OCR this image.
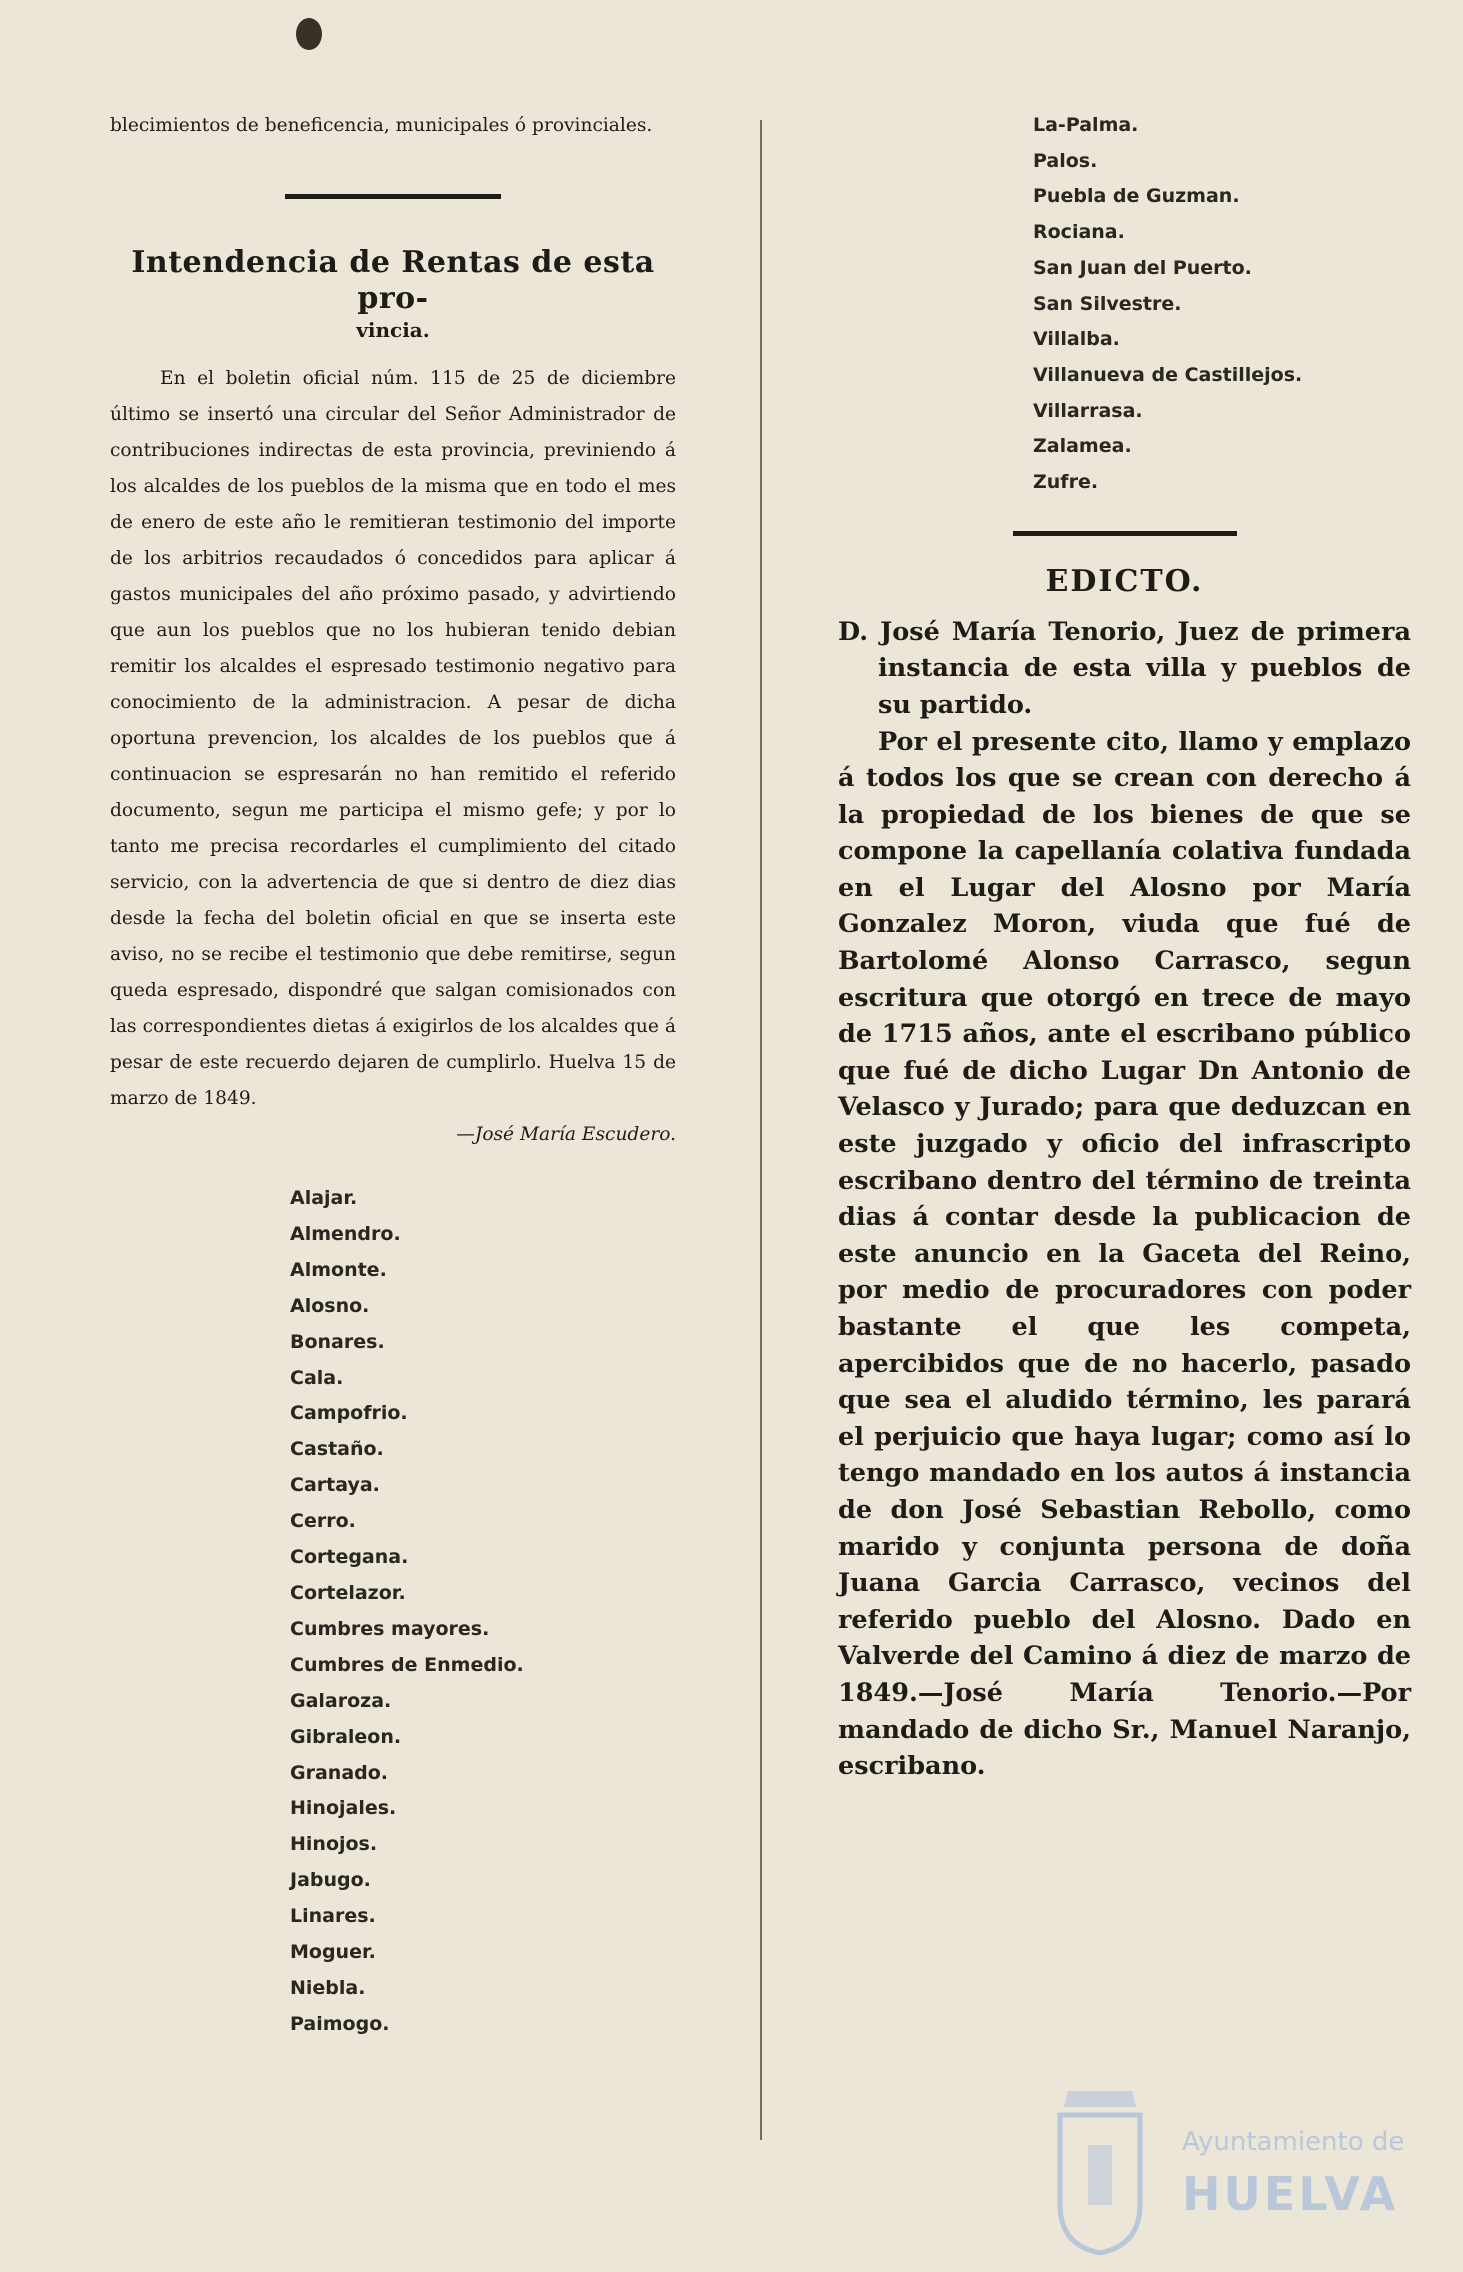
blecimientos de beneficencia, municipales ó provinciales.

Intendencia de Rentas de esta pro-

vincia.

En el boletin oficial núm. 115 de 25 de diciembre último se insertó una circular del Señor Administrador de contribuciones indirectas de esta provincia, previniendo á los alcaldes de los pueblos de la misma que en todo el mes de enero de este año le remitieran testimonio del importe de los arbitrios recaudados ó concedidos para aplicar á gastos municipales del año próximo pasado, y advirtiendo que aun los pueblos que no los hubieran tenido debian remitir los alcaldes el espresado testimonio negativo para conocimiento de la administracion. A pesar de dicha oportuna prevencion, los alcaldes de los pueblos que á continuacion se espresarán no han remitido el referido documento, segun me participa el mismo gefe; y por lo tanto me precisa recordarles el cumplimiento del citado servicio, con la advertencia de que si dentro de diez dias desde la fecha del boletin oficial en que se inserta este aviso, no se recibe el testimonio que debe remitirse, segun queda espresado, dispondré que salgan comisionados con las correspondientes dietas á exigirlos de los alcaldes que á pesar de este recuerdo dejaren de cumplirlo. Huelva 15 de marzo de 1849.

—José María Escudero.

Alajar.
Almendro.
Almonte.
Alosno.
Bonares.
Cala.
Campofrio.
Castaño.
Cartaya.
Cerro.
Cortegana.
Cortelazor.
Cumbres mayores.
Cumbres de Enmedio.
Galaroza.
Gibraleon.
Granado.
Hinojales.
Hinojos.
Jabugo.
Linares.
Moguer.
Niebla.
Paimogo.
La-Palma.
Palos.
Puebla de Guzman.
Rociana.
San Juan del Puerto.
San Silvestre.
Villalba.
Villanueva de Castillejos.
Villarrasa.
Zalamea.
Zufre.

EDICTO.

D. José María Tenorio, Juez de primera instancia de esta villa y pueblos de su partido.

Por el presente cito, llamo y emplazo á todos los que se crean con derecho á la propiedad de los bienes de que se compone la capellanía colativa fundada en el Lugar del Alosno por María Gonzalez Moron, viuda que fué de Bartolomé Alonso Carrasco, segun escritura que otorgó en trece de mayo de 1715 años, ante el escribano público que fué de dicho Lugar Dn Antonio de Velasco y Jurado; para que deduzcan en este juzgado y oficio del infrascripto escribano dentro del término de treinta dias á contar desde la publicacion de este anuncio en la Gaceta del Reino, por medio de procuradores con poder bastante el que les competa, apercibidos que de no hacerlo, pasado que sea el aludido término, les parará el perjuicio que haya lugar; como así lo tengo mandado en los autos á instancia de don José Sebastian Rebollo, como marido y conjunta persona de doña Juana Garcia Carrasco, vecinos del referido pueblo del Alosno. Dado en Valverde del Camino á diez de marzo de 1849.—José María Tenorio.—Por mandado de dicho Sr., Manuel Naranjo, escribano.

Ayuntamiento de
HUELVA
